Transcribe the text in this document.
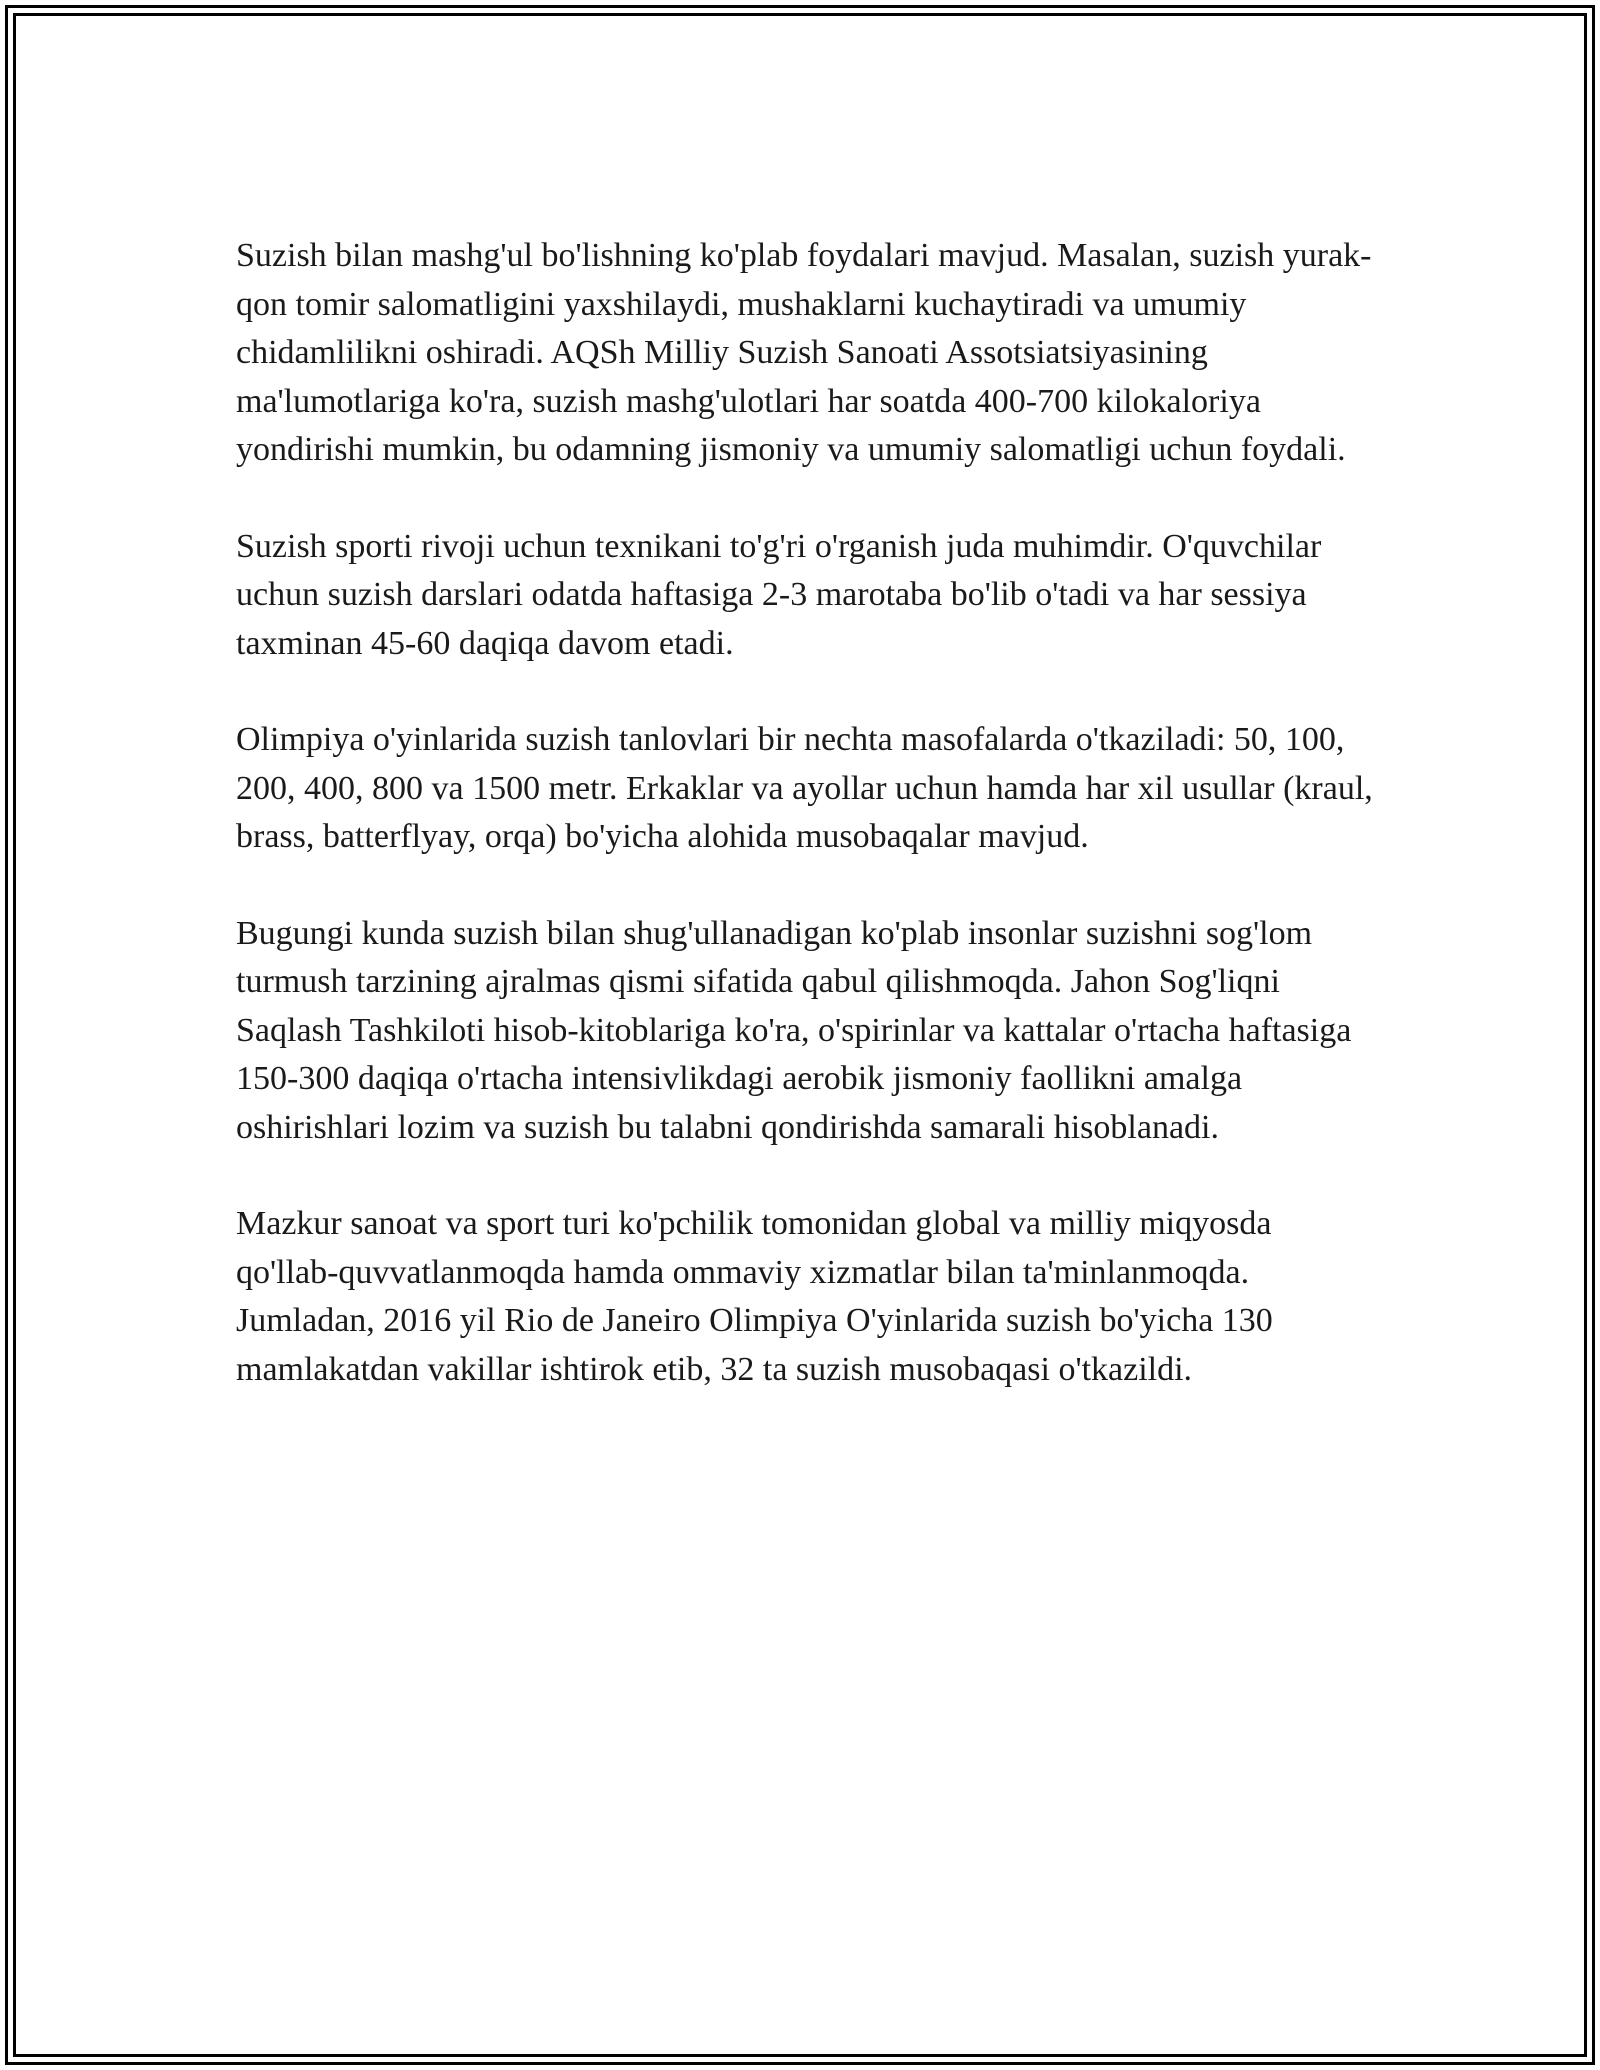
Suzish bilan mashg'ul bo'lishning ko'plab foydalari mavjud. Masalan, suzish yurak-qon tomir salomatligini yaxshilaydi, mushaklarni kuchaytiradi va umumiy chidamlilikni oshiradi. AQSh Milliy Suzish Sanoati Assotsiatsiyasining ma'lumotlariga ko'ra, suzish mashg'ulotlari har soatda 400-700 kilokaloriya yondirishi mumkin, bu odamning jismoniy va umumiy salomatligi uchun foydali.

Suzish sporti rivoji uchun texnikani to'g'ri o'rganish juda muhimdir. O'quvchilar uchun suzish darslari odatda haftasiga 2-3 marotaba bo'lib o'tadi va har sessiya taxminan 45-60 daqiqa davom etadi.

Olimpiya o'yinlarida suzish tanlovlari bir nechta masofalarda o'tkaziladi: 50, 100, 200, 400, 800 va 1500 metr. Erkaklar va ayollar uchun hamda har xil usullar (kraul, brass, batterflyay, orqa) bo'yicha alohida musobaqalar mavjud.

Bugungi kunda suzish bilan shug'ullanadigan ko'plab insonlar suzishni sog'lom turmush tarzining ajralmas qismi sifatida qabul qilishmoqda. Jahon Sog'liqni Saqlash Tashkiloti hisob-kitoblariga ko'ra, o'spirinlar va kattalar o'rtacha haftasiga 150-300 daqiqa o'rtacha intensivlikdagi aerobik jismoniy faollikni amalga oshirishlari lozim va suzish bu talabni qondirishda samarali hisoblanadi.

Mazkur sanoat va sport turi ko'pchilik tomonidan global va milliy miqyosda qo'llab-quvvatlanmoqda hamda ommaviy xizmatlar bilan ta'minlanmoqda. Jumladan, 2016 yil Rio de Janeiro Olimpiya O'yinlarida suzish bo'yicha 130 mamlakatdan vakillar ishtirok etib, 32 ta suzish musobaqasi o'tkazildi.
